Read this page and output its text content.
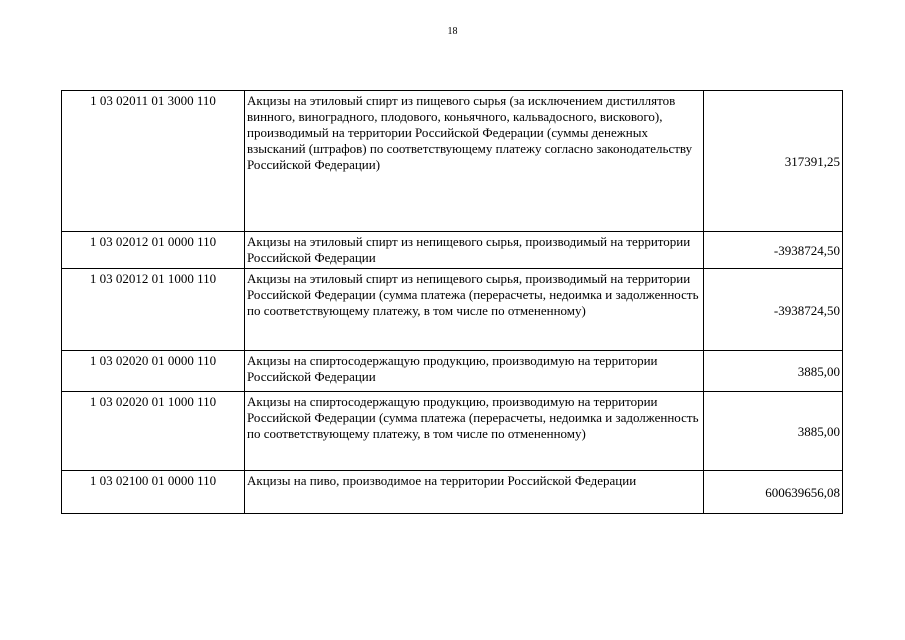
18
1 03 02011 01 3000 110	Акцизы на этиловый спирт из пищевого сырья (за исключением дистиллятов винного, виноградного, плодового, коньячного, кальвадосного, вискового), производимый на территории Российской Федерации (суммы денежных взысканий (штрафов) по соответствующему платежу согласно законодательству Российской Федерации)	317391,25
1 03 02012 01 0000 110	Акцизы на этиловый спирт из непищевого сырья, производимый на территории Российской Федерации	-3938724,50
1 03 02012 01 1000 110	Акцизы на этиловый спирт из непищевого сырья, производимый на территории Российской Федерации (сумма платежа (перерасчеты, недоимка и задолженность по соответствующему платежу, в том числе по отмененному)	-3938724,50
1 03 02020 01 0000 110	Акцизы на спиртосодержащую продукцию, производимую на территории Российской Федерации	3885,00
1 03 02020 01 1000 110	Акцизы на спиртосодержащую продукцию, производимую на территории Российской Федерации (сумма платежа (перерасчеты, недоимка и задолженность по соответствующему платежу, в том числе по отмененному)	3885,00
1 03 02100 01 0000 110	Акцизы на пиво, производимое на территории Российской Федерации	600639656,08
